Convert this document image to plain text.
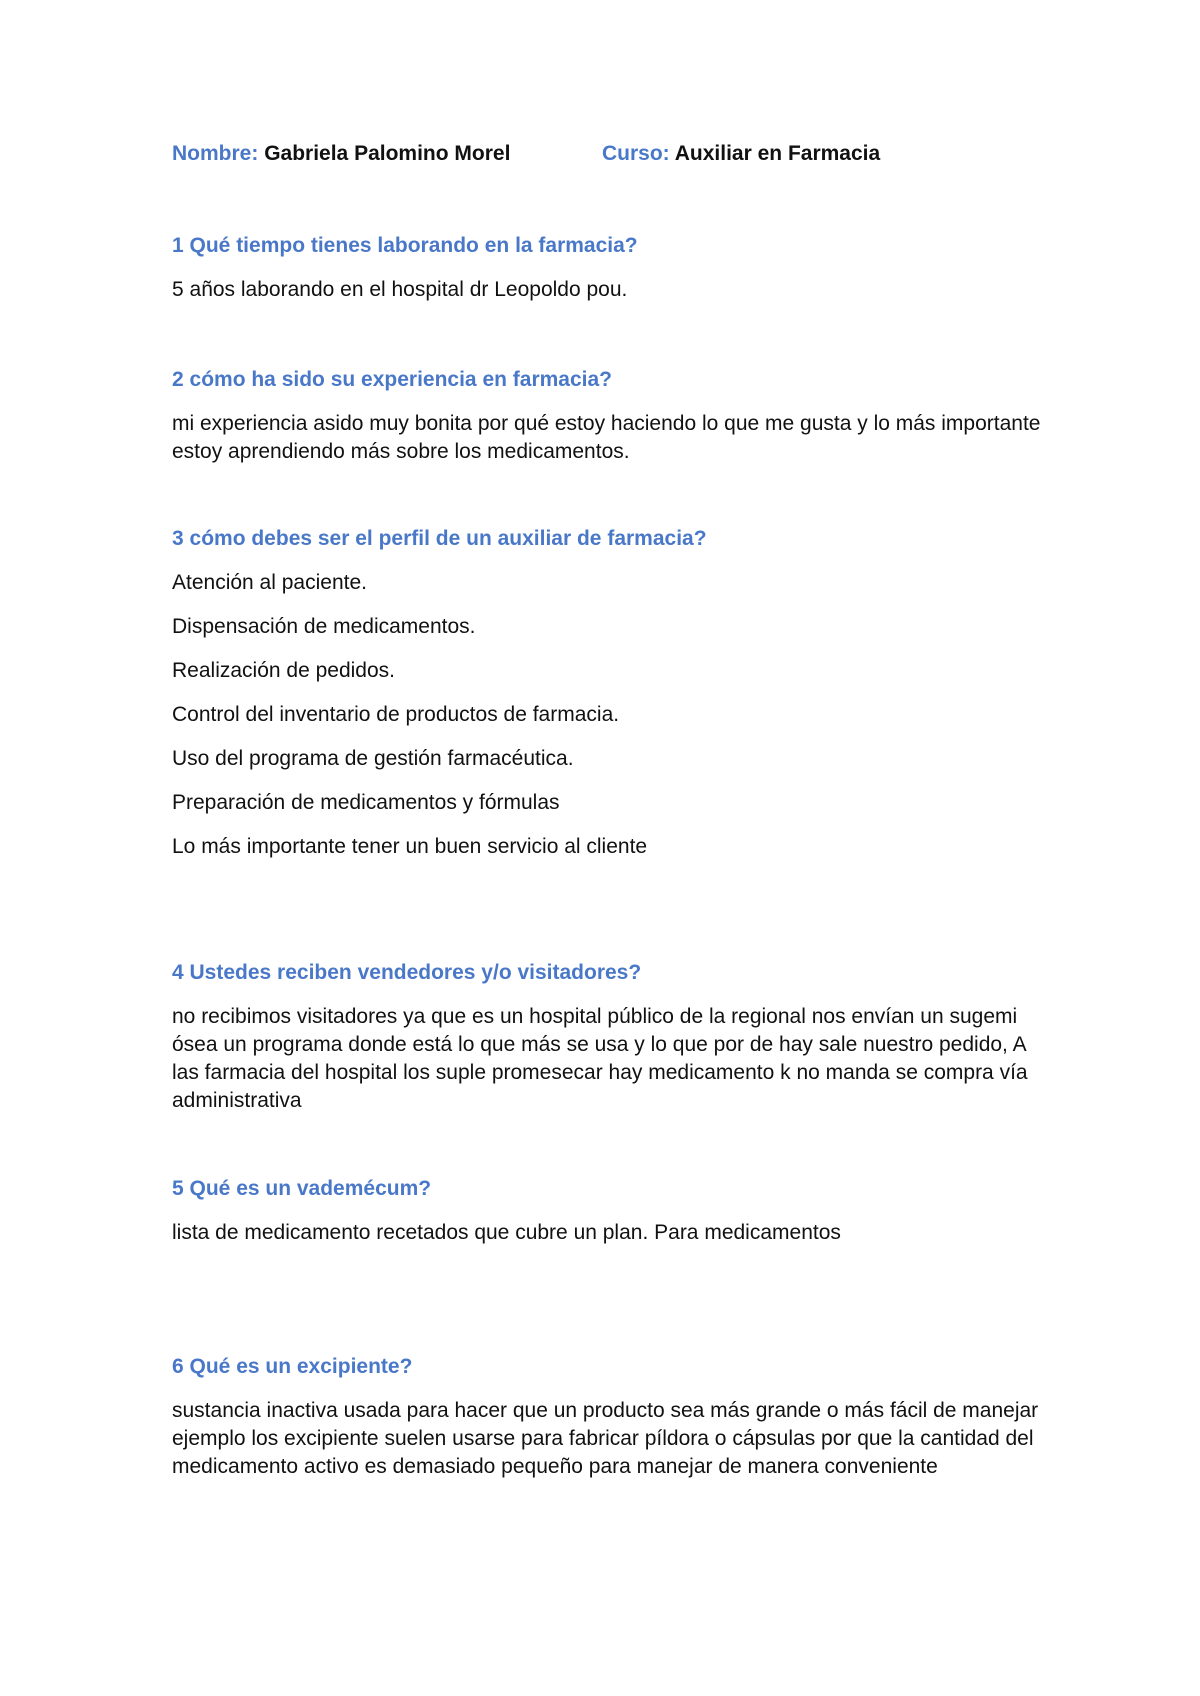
Nombre: Gabriela Palomino Morel	Curso: Auxiliar en Farmacia

1 Qué tiempo tienes laborando en la farmacia?

5 años laborando en el hospital dr Leopoldo pou.

2 cómo ha sido su experiencia en farmacia?

mi experiencia asido muy bonita por qué estoy haciendo lo que me gusta y lo más importante estoy aprendiendo más sobre los medicamentos.

3 cómo debes ser el perfil de un auxiliar de farmacia?

Atención al paciente.
Dispensación de medicamentos.
Realización de pedidos.
Control del inventario de productos de farmacia.
Uso del programa de gestión farmacéutica.
Preparación de medicamentos y fórmulas
Lo más importante tener un buen servicio al cliente

4 Ustedes reciben vendedores y/o visitadores?

no recibimos visitadores ya que es un hospital público de la regional nos envían un sugemi ósea un programa donde está lo que más se usa y lo que por de hay sale nuestro pedido, A las farmacia del hospital los suple promesecar hay medicamento k no manda se compra vía administrativa

5 Qué es un vademécum?

lista de medicamento recetados que cubre un plan. Para medicamentos

6 Qué es un excipiente?

sustancia inactiva usada para hacer que un producto sea más grande o más fácil de manejar ejemplo los excipiente suelen usarse para fabricar píldora o cápsulas por que la cantidad del medicamento activo es demasiado pequeño para manejar de manera conveniente
